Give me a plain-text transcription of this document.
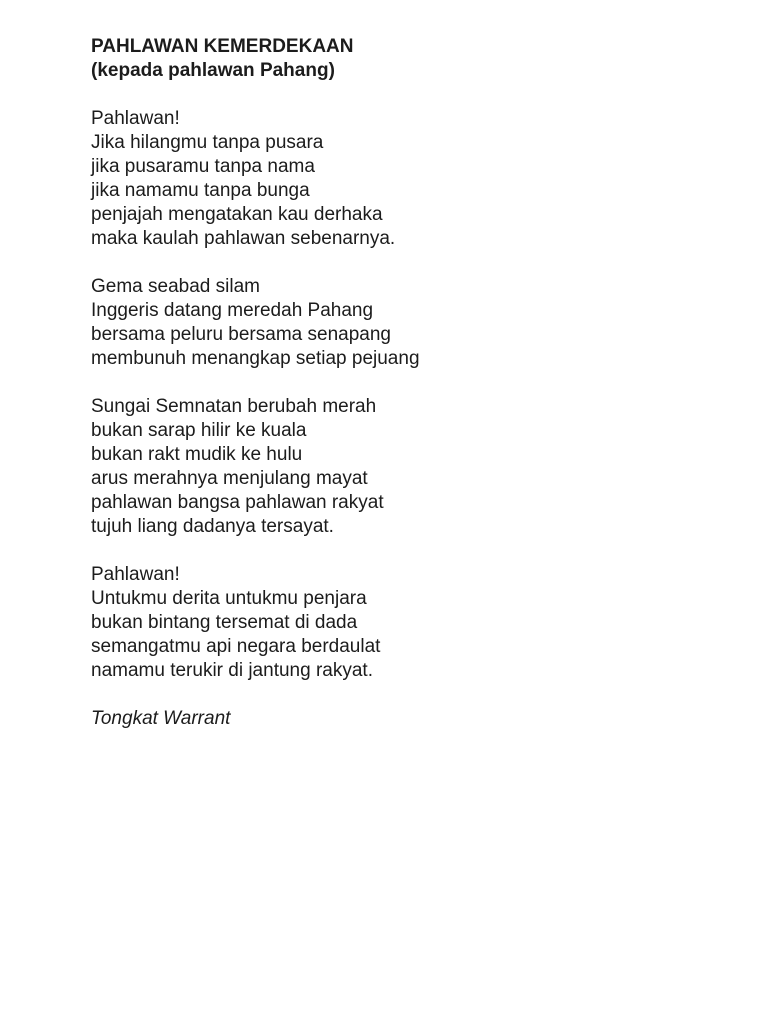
PAHLAWAN KEMERDEKAAN
(kepada pahlawan Pahang)
Pahlawan!
Jika hilangmu tanpa pusara
jika pusaramu tanpa nama
jika namamu tanpa bunga
penjajah mengatakan kau derhaka
maka kaulah pahlawan sebenarnya.
Gema seabad silam
Inggeris datang meredah Pahang
bersama peluru bersama senapang
membunuh menangkap setiap pejuang
Sungai Semnatan berubah merah
bukan sarap hilir ke kuala
bukan rakt mudik ke hulu
arus merahnya menjulang mayat
pahlawan bangsa pahlawan rakyat
tujuh liang dadanya tersayat.
Pahlawan!
Untukmu derita untukmu penjara
bukan bintang tersemat di dada
semangatmu api negara berdaulat
namamu terukir di jantung rakyat.
Tongkat Warrant
